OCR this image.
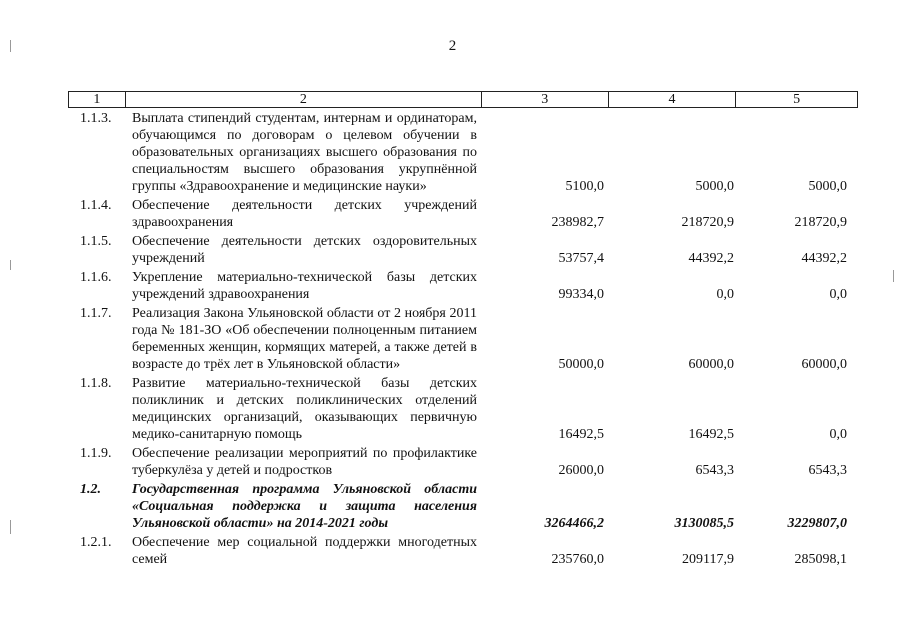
2
1	2	3	4	5
1.1.3.	Выплата стипендий студентам, интернам и ординаторам, обучающимся по договорам о целевом обучении в образовательных организациях высшего образования по специальностям высшего образования укрупнённой группы «Здравоохранение и медицинские науки»	5100,0	5000,0	5000,0
1.1.4.	Обеспечение деятельности детских учреждений здравоохранения	238982,7	218720,9	218720,9
1.1.5.	Обеспечение деятельности детских оздоровительных учреждений	53757,4	44392,2	44392,2
1.1.6.	Укрепление материально-технической базы детских учреждений здравоохранения	99334,0	0,0	0,0
1.1.7.	Реализация Закона Ульяновской области от 2 ноября 2011 года № 181-ЗО «Об обеспечении полноценным питанием беременных женщин, кормящих матерей, а также детей в возрасте до трёх лет в Ульяновской области»	50000,0	60000,0	60000,0
1.1.8.	Развитие материально-технической базы детских поликлиник и детских поликлинических отделений медицинских организаций, оказывающих первичную медико-санитарную помощь	16492,5	16492,5	0,0
1.1.9.	Обеспечение реализации мероприятий по профилактике туберкулёза у детей и подростков	26000,0	6543,3	6543,3
1.2.	Государственная программа Ульяновской области «Социальная поддержка и защита населения Ульяновской области» на 2014-2021 годы	3264466,2	3130085,5	3229807,0
1.2.1.	Обеспечение мер социальной поддержки многодетных семей	235760,0	209117,9	285098,1
